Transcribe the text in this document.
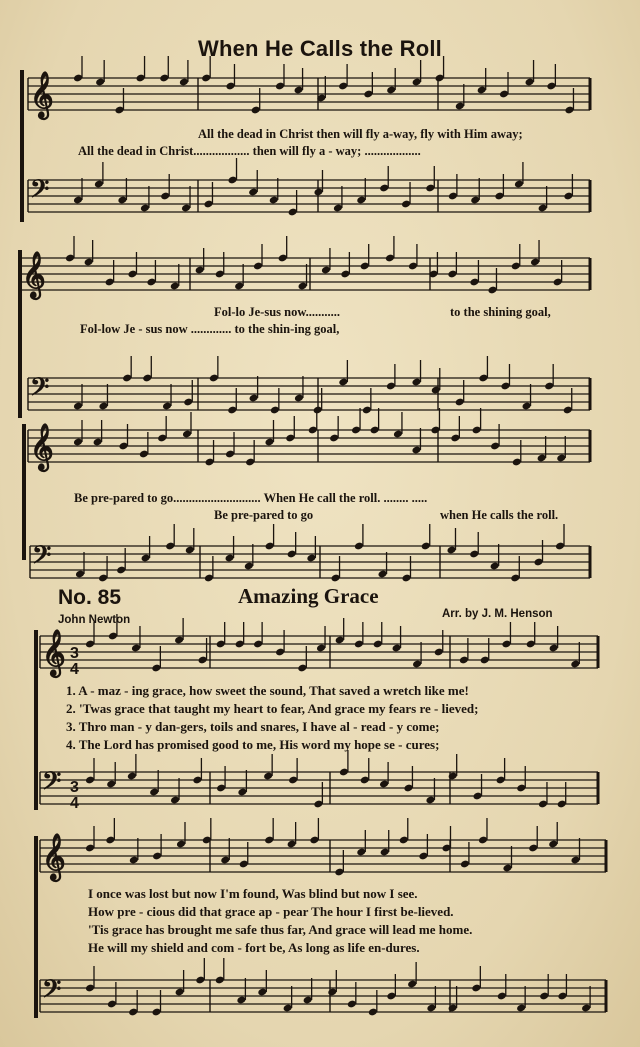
When He Calls the Roll
𝄞
𝄢
𝄞
𝄢
𝄞
𝄢
𝄞
𝄢
𝄞
𝄢
3
4
3
4
All the dead in Christ then will fly a-way, fly with Him away;
All the dead in Christ.................. then will fly a - way; ..................
Fol-lo Je-sus now...........	to the shining goal,
Fol-low Je - sus now ............. to the shin-ing goal,
Be pre-pared to go............................ When He call the roll. ........ .....
Be pre-pared to go	when He calls the roll.
No. 85	Amazing Grace
John Newton	Arr. by J. M. Henson
1. A - maz - ing grace, how sweet the sound, That saved a wretch like me!
2. 'Twas grace that taught my heart to fear, And grace my fears re - lieved;
3. Thro man - y dan-gers, toils and snares, I have al - read - y come;
4. The Lord has promised good to me, His word my hope se - cures;
I once was lost but now I'm found, Was blind but now I see.
How pre - cious did that grace ap - pear The hour I first be-lieved.
'Tis grace has brought me safe thus far, And grace will lead me home.
He will my shield and com - fort be, As long as life en-dures.
